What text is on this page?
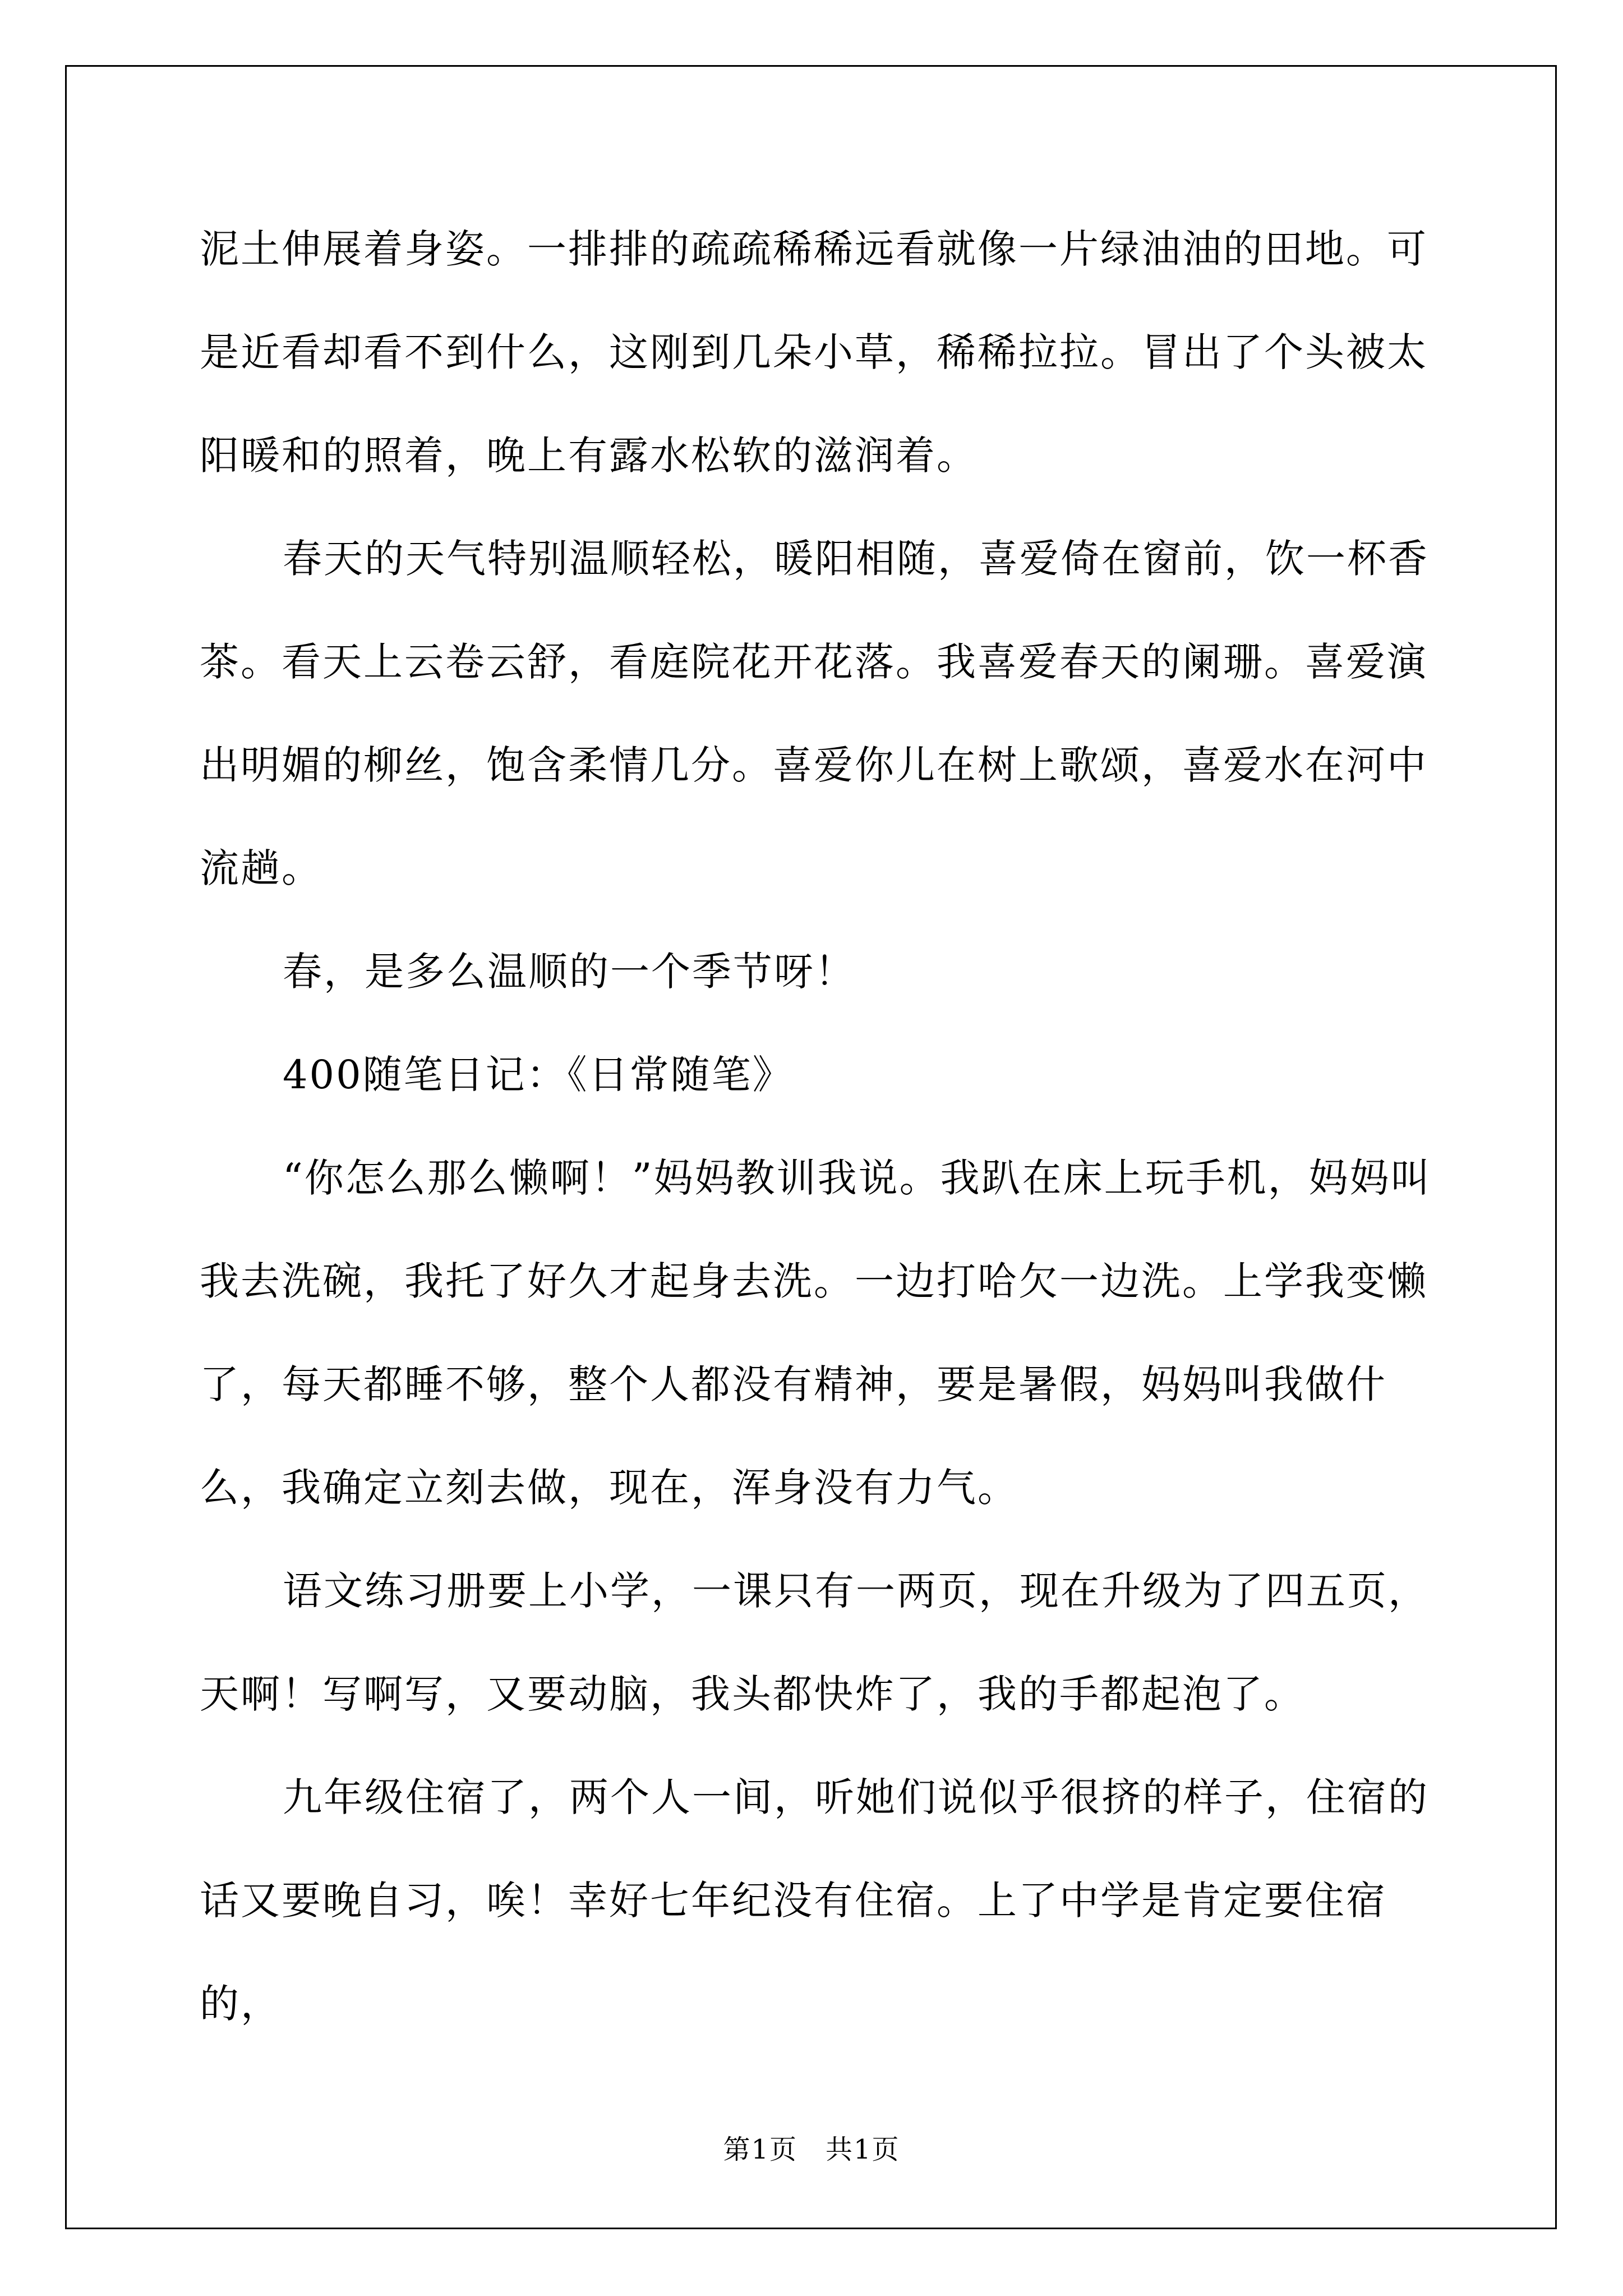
泥土伸展着身姿。一排排的疏疏稀稀远看就像一片绿油油的田地。可是近看却看不到什么，这刚到几朵小草，稀稀拉拉。冒出了个头被太阳暖和的照着，晚上有露水松软的滋润着。

春天的天气特别温顺轻松，暖阳相随，喜爱倚在窗前，饮一杯香茶。看天上云卷云舒，看庭院花开花落。我喜爱春天的阑珊。喜爱演出明媚的柳丝，饱含柔情几分。喜爱你儿在树上歌颂，喜爱水在河中流趟。

春，是多么温顺的一个季节呀！

400随笔日记：《日常随笔》

“你怎么那么懒啊！”妈妈教训我说。我趴在床上玩手机，妈妈叫我去洗碗，我托了好久才起身去洗。一边打哈欠一边洗。上学我变懒了，每天都睡不够，整个人都没有精神，要是暑假，妈妈叫我做什么，我确定立刻去做，现在，浑身没有力气。

语文练习册要上小学，一课只有一两页，现在升级为了四五页，天啊！写啊写，又要动脑，我头都快炸了，我的手都起泡了。

九年级住宿了，两个人一间，听她们说似乎很挤的样子，住宿的话又要晚自习，唉！幸好七年纪没有住宿。上了中学是肯定要住宿的，

第1页　共1页
